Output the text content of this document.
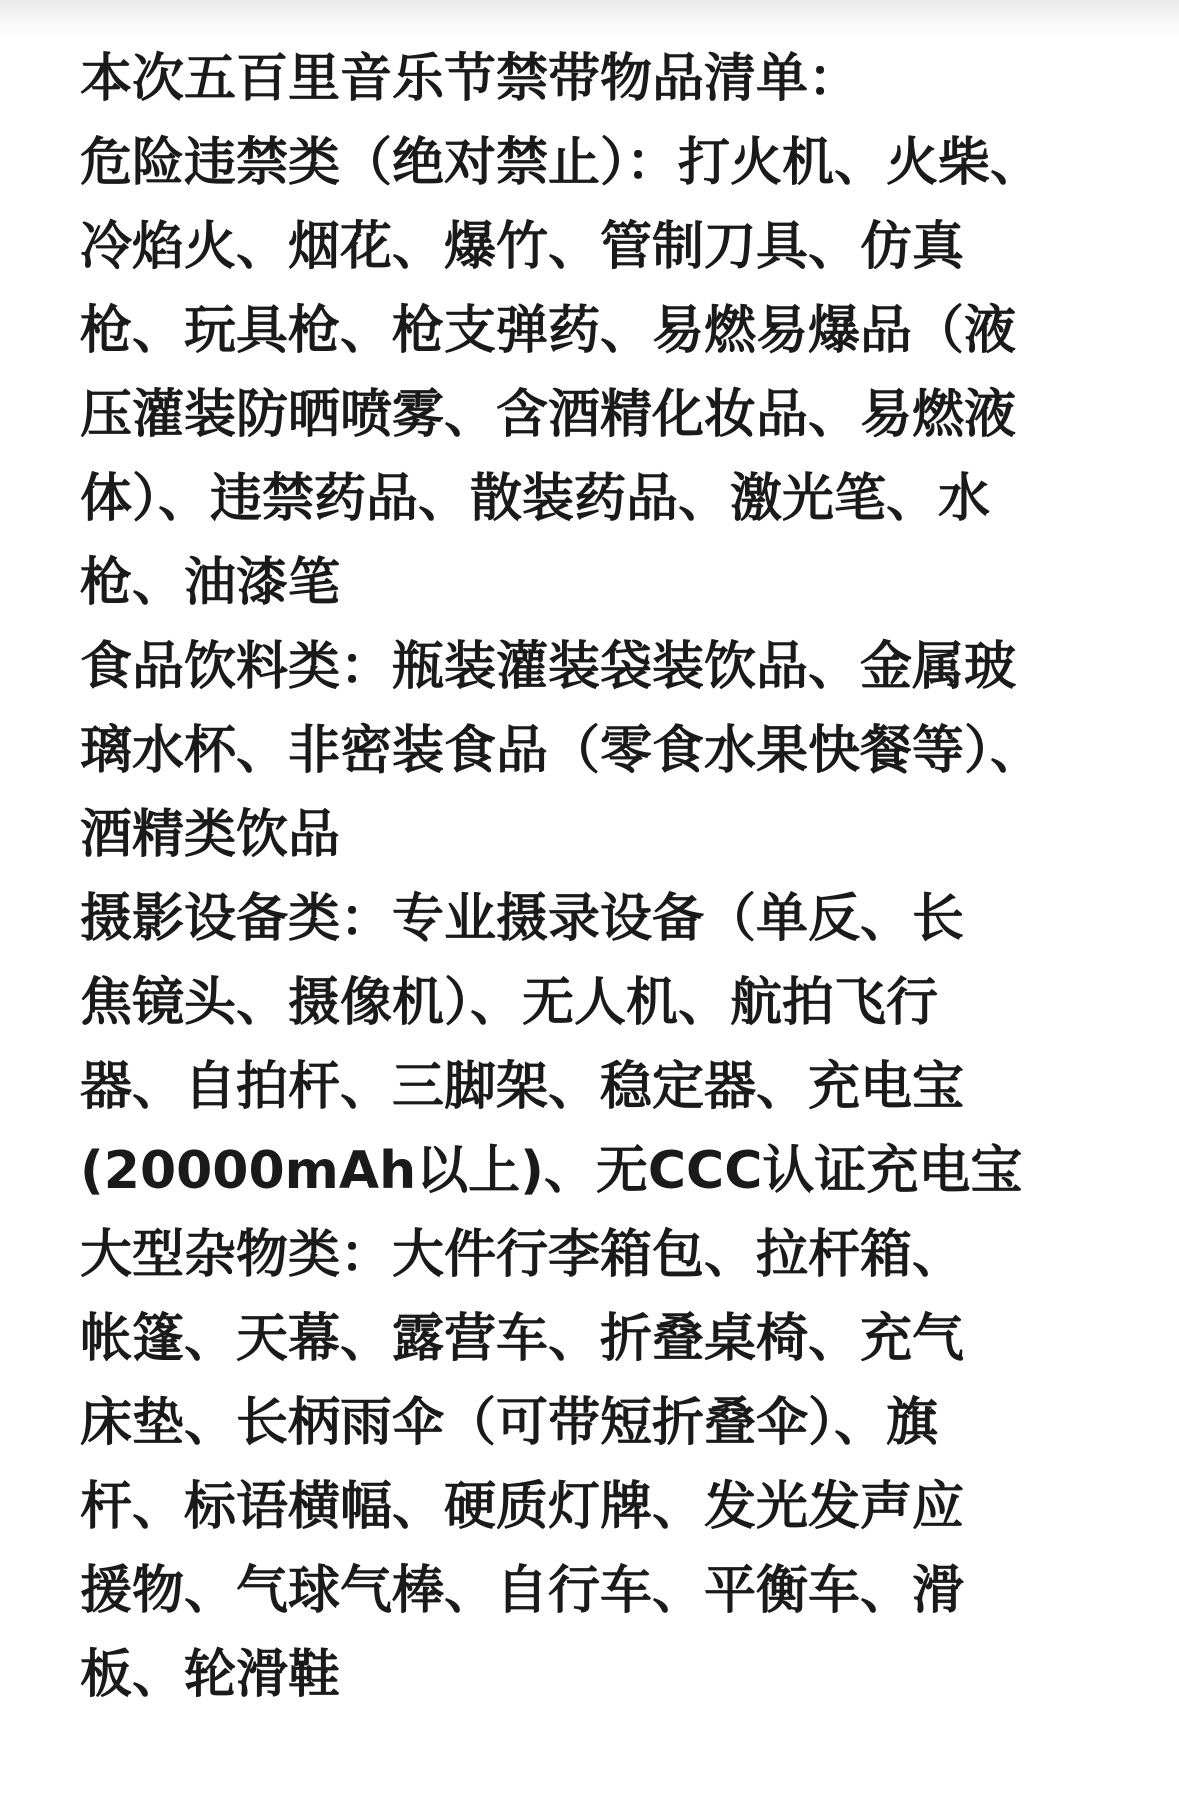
本次五百里音乐节禁带物品清单：
危险违禁类（绝对禁止）：打火机、火柴、
冷焰火、烟花、爆竹、管制刀具、仿真
枪、玩具枪、枪支弹药、易燃易爆品（液
压灌装防晒喷雾、含酒精化妆品、易燃液
体）、违禁药品、散装药品、激光笔、水
枪、油漆笔
食品饮料类：瓶装灌装袋装饮品、金属玻
璃水杯、非密装食品（零食水果快餐等）、
酒精类饮品
摄影设备类：专业摄录设备（单反、长
焦镜头、摄像机）、无人机、航拍飞行
器、自拍杆、三脚架、稳定器、充电宝
(20000mAh以上)、无CCC认证充电宝
大型杂物类：大件行李箱包、拉杆箱、
帐篷、天幕、露营车、折叠桌椅、充气
床垫、长柄雨伞（可带短折叠伞）、旗
杆、标语横幅、硬质灯牌、发光发声应
援物、气球气棒、自行车、平衡车、滑
板、轮滑鞋
